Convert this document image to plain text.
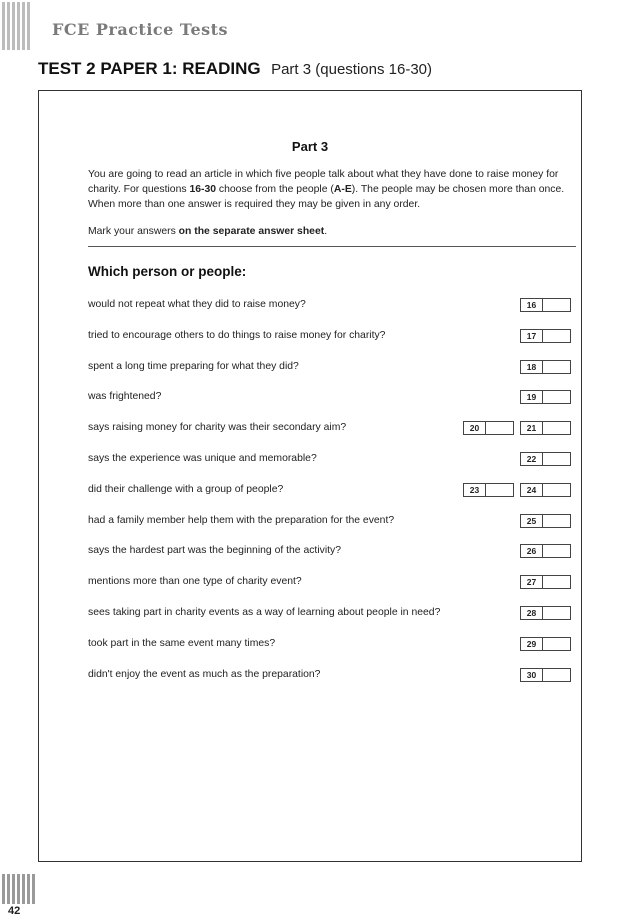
FCE Practice Tests
TEST 2 PAPER 1: READING Part 3 (questions 16-30)
Part 3

You are going to read an article in which five people talk about what they have done to raise money for charity. For questions 16-30 choose from the people (A-E). The people may be chosen more than once. When more than one answer is required they may be given in any order.

Mark your answers on the separate answer sheet.

Which person or people:
would not repeat what they did to raise money?	16
tried to encourage others to do things to raise money for charity?	17
spent a long time preparing for what they did?	18
was frightened?	19
says raising money for charity was their secondary aim?	20	21
says the experience was unique and memorable?	22
did their challenge with a group of people?	23	24
had a family member help them with the preparation for the event?	25
says the hardest part was the beginning of the activity?	26
mentions more than one type of charity event?	27
sees taking part in charity events as a way of learning about people in need?	28
took part in the same event many times?	29
didn't enjoy the event as much as the preparation?	30
42
